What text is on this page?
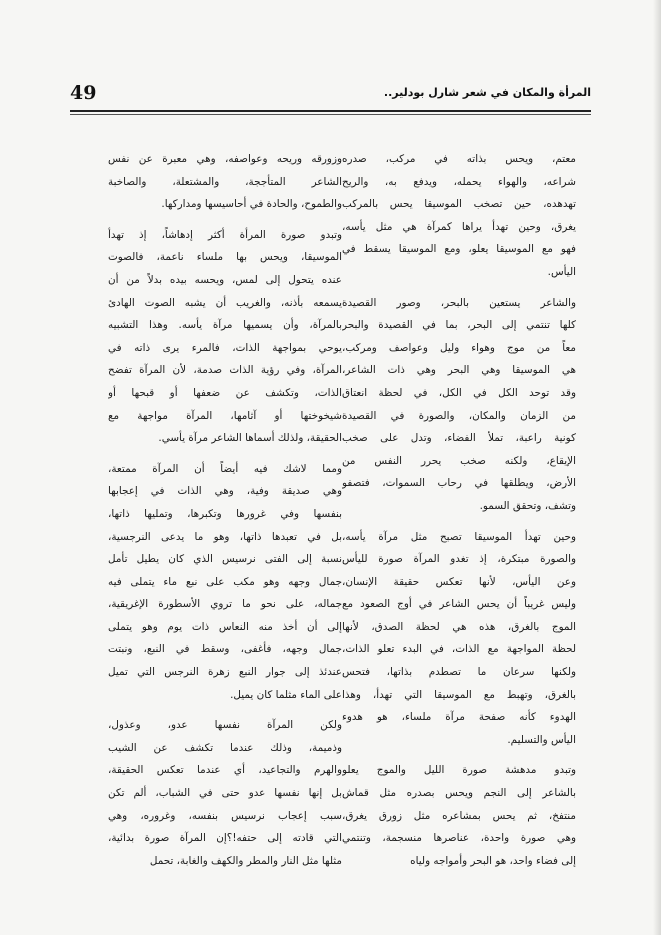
49	المرأة والمكان في شعر شارل بودلير..
معتم، ويحس بذاته في مركب، صدره
شراعه، والهواء يحمله، ويدفع به، والريح
تهدهده، حين تصخب الموسيقا يحس بالمركب
يغرق، وحين تهدأ يراها كمرآة هي مثل يأسه،
فهو مع الموسيقا يعلو، ومع الموسيقا يسقط في
اليأس.
والشاعر يستعين بالبحر، وصور القصيدة
كلها تنتمي إلى البحر، بما في القصيدة والبحر
معاً من موج وهواء وليل وعواصف ومركب،
هي الموسيقا وهي البحر وهي ذات الشاعر،
وقد توحد الكل في الكل، في لحظة انعتاق
من الزمان والمكان، والصورة في القصيدة
كونية راعبة، تملأ الفضاء، وتدل على صخب
الإيقاع، ولكنه صخب يحرر النفس من
الأرض، ويطلقها في رحاب السموات، فتصفو
وتشف، وتحقق السمو.
وحين تهدأ الموسيقا تصبح مثل مرآة يأسه،
والصورة مبتكرة، إذ تغدو المرآة صورة لليأس
وعن اليأس، لأنها تعكس حقيقة الإنسان،
وليس غريباً أن يحس الشاعر في أوج الصعود مع
الموج بالغرق، هذه هي لحظة الصدق، لأنها
لحظة المواجهة مع الذات، في البدء تعلو الذات،
ولكنها سرعان ما تصطدم بذاتها، فتحس
بالغرق، وتهبط مع الموسيقا التي تهدأ، وهذا
الهدوء كأنه صفحة مرآة ملساء، هو هدوء
اليأس والتسليم.
وتبدو مدهشة صورة الليل والموج يعلو
بالشاعر إلى النجم ويحس بصدره مثل قماش
منتفخ، ثم يحس بمشاعره مثل زورق يغرق،
وهي صورة واحدة، عناصرها منسجمة، وتنتمي
إلى فضاء واحد، هو البحر وأمواجه ولياه
وزورقه وريحه وعواصفه، وهي معبرة عن نفس
الشاعر المتأججة، والمشتعلة، والصاخبة
والطموح، والحادة في أحاسيسها ومداركها.
وتبدو صورة المرأة أكثر إدهاشاً، إذ تهدأ
الموسيقا، ويحس بها ملساء ناعمة، فالصوت
عنده يتحول إلى لمس، ويحسه بيده بدلاً من أن
يسمعه بأذنه، والغريب أن يشبه الصوت الهادئ
بالمرآة، وأن يسميها مرآة يأسه. وهذا التشبيه
يوحي بمواجهة الذات، فالمرء يرى ذاته في
المرآة، وفي رؤية الذات صدمة، لأن المرآة تفضح
الذات، وتكشف عن ضعفها أو قبحها أو
شيخوختها أو آثامها، المرآة مواجهة مع
الحقيقة، ولذلك أسماها الشاعر مرآة يأسي.
ومما لاشك فيه أيضاً أن المرآة ممتعة،
وهي صديقة وفية، وهي الذات في إعجابها
بنفسها وفي غرورها وتكبرها، وتمليها ذاتها،
بل في تعبدها ذاتها، وهو ما يدعى النرجسية،
نسبة إلى الفتى نرسيس الذي كان يطيل تأمل
جمال وجهه وهو مكب على نبع ماء يتملى فيه
جماله، على نحو ما تروي الأسطورة الإغريقية،
إلى أن أخذ منه النعاس ذات يوم وهو يتملى
جمال وجهه، فأغفى، وسقط في النبع، ونبتت
عندئذ إلى جوار النبع زهرة النرجس التي تميل
على الماء مثلما كان يميل.
ولكن المرآة نفسها عدو، وعذول،
وذميمة، وذلك عندما تكشف عن الشيب
والهرم والتجاعيد، أي عندما تعكس الحقيقة،
بل إنها نفسها عدو حتى في الشباب، ألم تكن
سبب إعجاب نرسيس بنفسه، وغروره، وهي
التي قادته إلى حتفه!؟إن المرآة صورة بدائية،
مثلها مثل النار والمطر والكهف والغابة، تحمل
